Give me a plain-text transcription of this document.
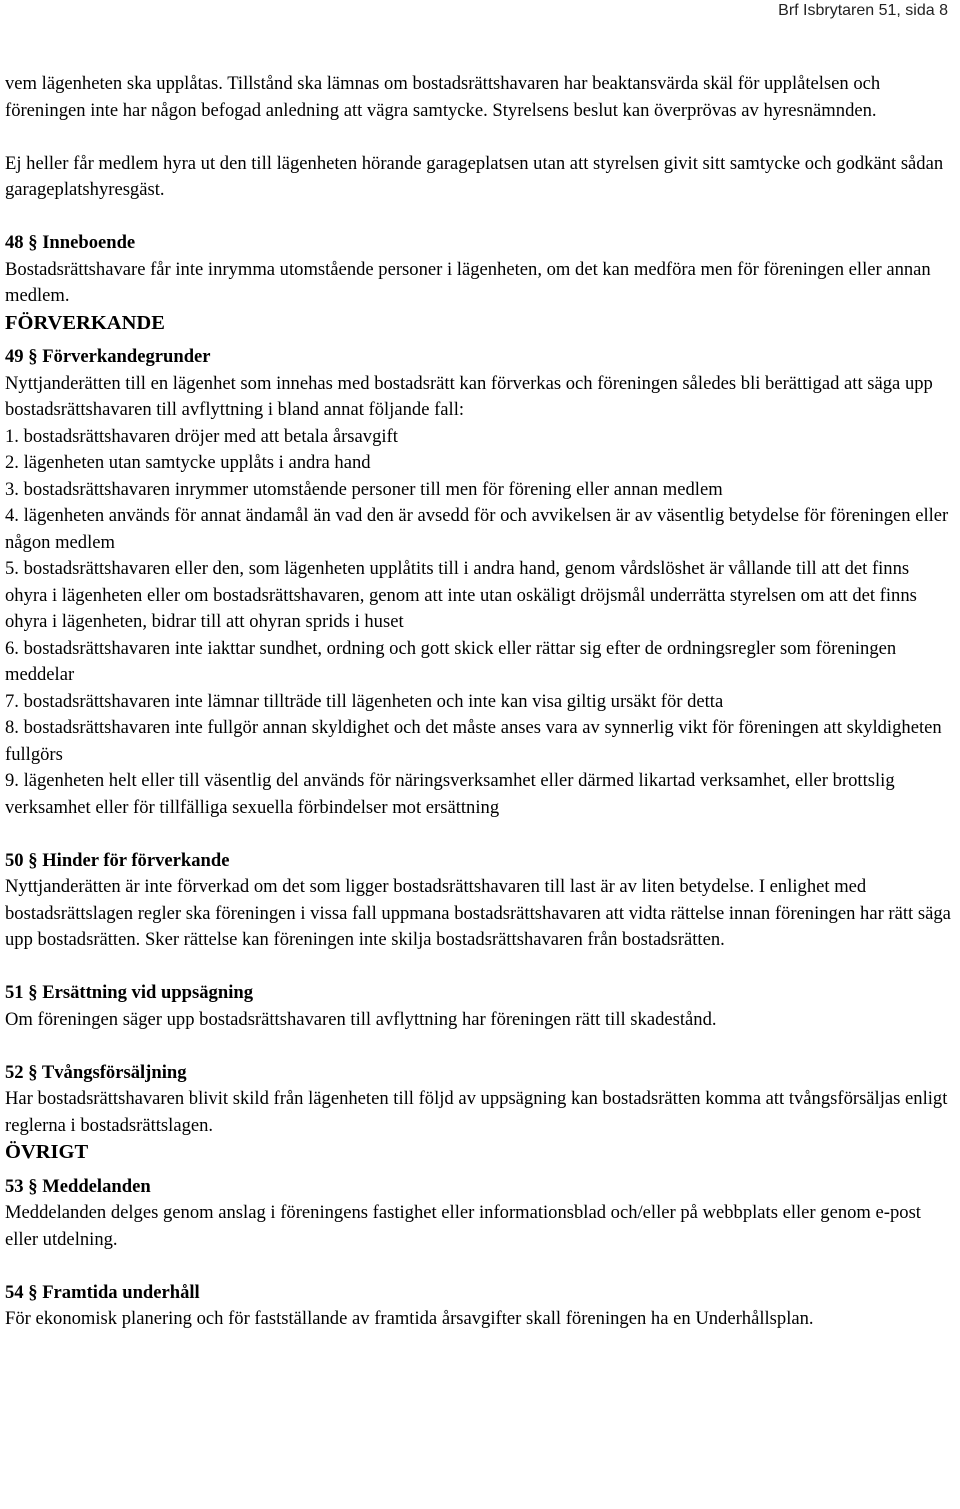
Brf Isbrytaren 51, sida 8

vem lägenheten ska upplåtas. Tillstånd ska lämnas om bostadsrättshavaren har beaktansvärda skäl för upplåtelsen och föreningen inte har någon befogad anledning att vägra samtycke. Styrelsens beslut kan överprövas av hyresnämnden.

Ej heller får medlem hyra ut den till lägenheten hörande garageplatsen utan att styrelsen givit sitt samtycke och godkänt sådan garageplatshyresgäst.

48 § Inneboende

Bostadsrättshavare får inte inrymma utomstående personer i lägenheten, om det kan medföra men för föreningen eller annan medlem.

FÖRVERKANDE

49 § Förverkandegrunder

Nyttjanderätten till en lägenhet som innehas med bostadsrätt kan förverkas och föreningen således bli berättigad att säga upp bostadsrättshavaren till avflyttning i bland annat följande fall:

1. bostadsrättshavaren dröjer med att betala årsavgift
2. lägenheten utan samtycke upplåts i andra hand
3. bostadsrättshavaren inrymmer utomstående personer till men för förening eller annan medlem
4. lägenheten används för annat ändamål än vad den är avsedd för och avvikelsen är av väsentlig betydelse för föreningen eller någon medlem
5. bostadsrättshavaren eller den, som lägenheten upplåtits till i andra hand, genom vårdslöshet är vållande till att det finns ohyra i lägenheten eller om bostadsrättshavaren, genom att inte utan oskäligt dröjsmål underrätta styrelsen om att det finns ohyra i lägenheten, bidrar till att ohyran sprids i huset
6. bostadsrättshavaren inte iakttar sundhet, ordning och gott skick eller rättar sig efter de ordningsregler som föreningen meddelar
7. bostadsrättshavaren inte lämnar tillträde till lägenheten och inte kan visa giltig ursäkt för detta
8. bostadsrättshavaren inte fullgör annan skyldighet och det måste anses vara av synnerlig vikt för föreningen att skyldigheten fullgörs
9. lägenheten helt eller till väsentlig del används för näringsverksamhet eller därmed likartad verksamhet, eller brottslig verksamhet eller för tillfälliga sexuella förbindelser mot ersättning

50 § Hinder för förverkande

Nyttjanderätten är inte förverkad om det som ligger bostadsrättshavaren till last är av liten betydelse. I enlighet med bostadsrättslagen regler ska föreningen i vissa fall uppmana bostadsrättshavaren att vidta rättelse innan föreningen har rätt säga upp bostadsrätten. Sker rättelse kan föreningen inte skilja bostadsrättshavaren från bostadsrätten.

51 § Ersättning vid uppsägning

Om föreningen säger upp bostadsrättshavaren till avflyttning har föreningen rätt till skadestånd.

52 § Tvångsförsäljning

Har bostadsrättshavaren blivit skild från lägenheten till följd av uppsägning kan bostadsrätten komma att tvångsförsäljas enligt reglerna i bostadsrättslagen.

ÖVRIGT

53 § Meddelanden

Meddelanden delges genom anslag i föreningens fastighet eller informationsblad och/eller på webbplats eller genom e-post eller utdelning.

54 § Framtida underhåll

För ekonomisk planering och för fastställande av framtida årsavgifter skall föreningen ha en Underhållsplan.
